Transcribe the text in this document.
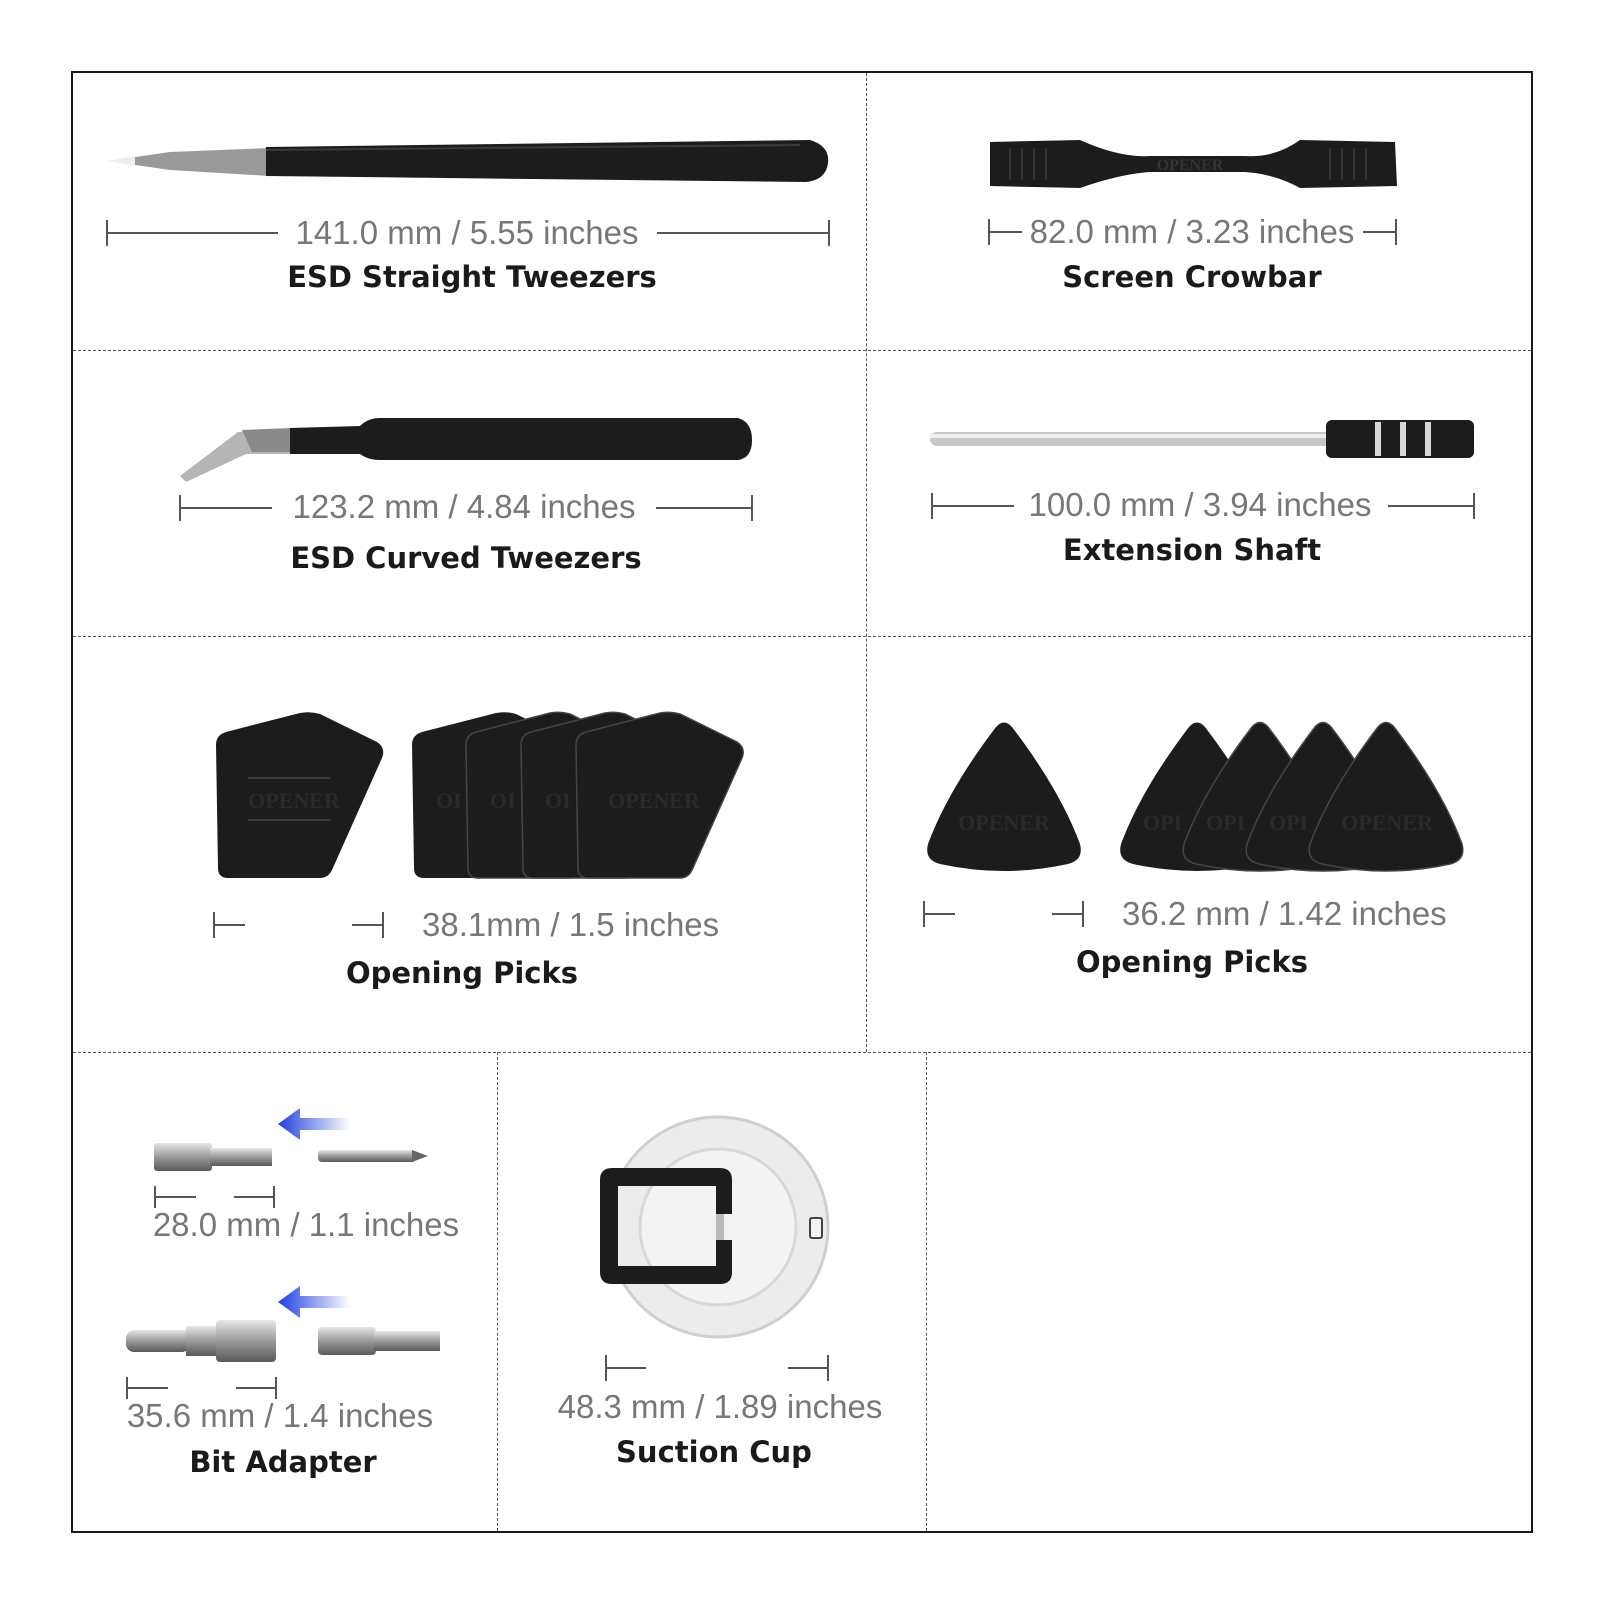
141.0 mm / 5.55 inches
ESD Straight Tweezers
OPENER
82.0 mm / 3.23 inches
Screen Crowbar
123.2 mm / 4.84 inches
ESD Curved Tweezers
100.0 mm / 3.94 inches
Extension Shaft
OPENER	OI OI OI OPENER
38.1mm / 1.5 inches
Opening Picks
OPENER	OPI OPI OPI OPENER
36.2 mm / 1.42 inches
Opening Picks
28.0 mm / 1.1 inches
35.6 mm / 1.4 inches
Bit Adapter
48.3 mm / 1.89 inches
Suction Cup
